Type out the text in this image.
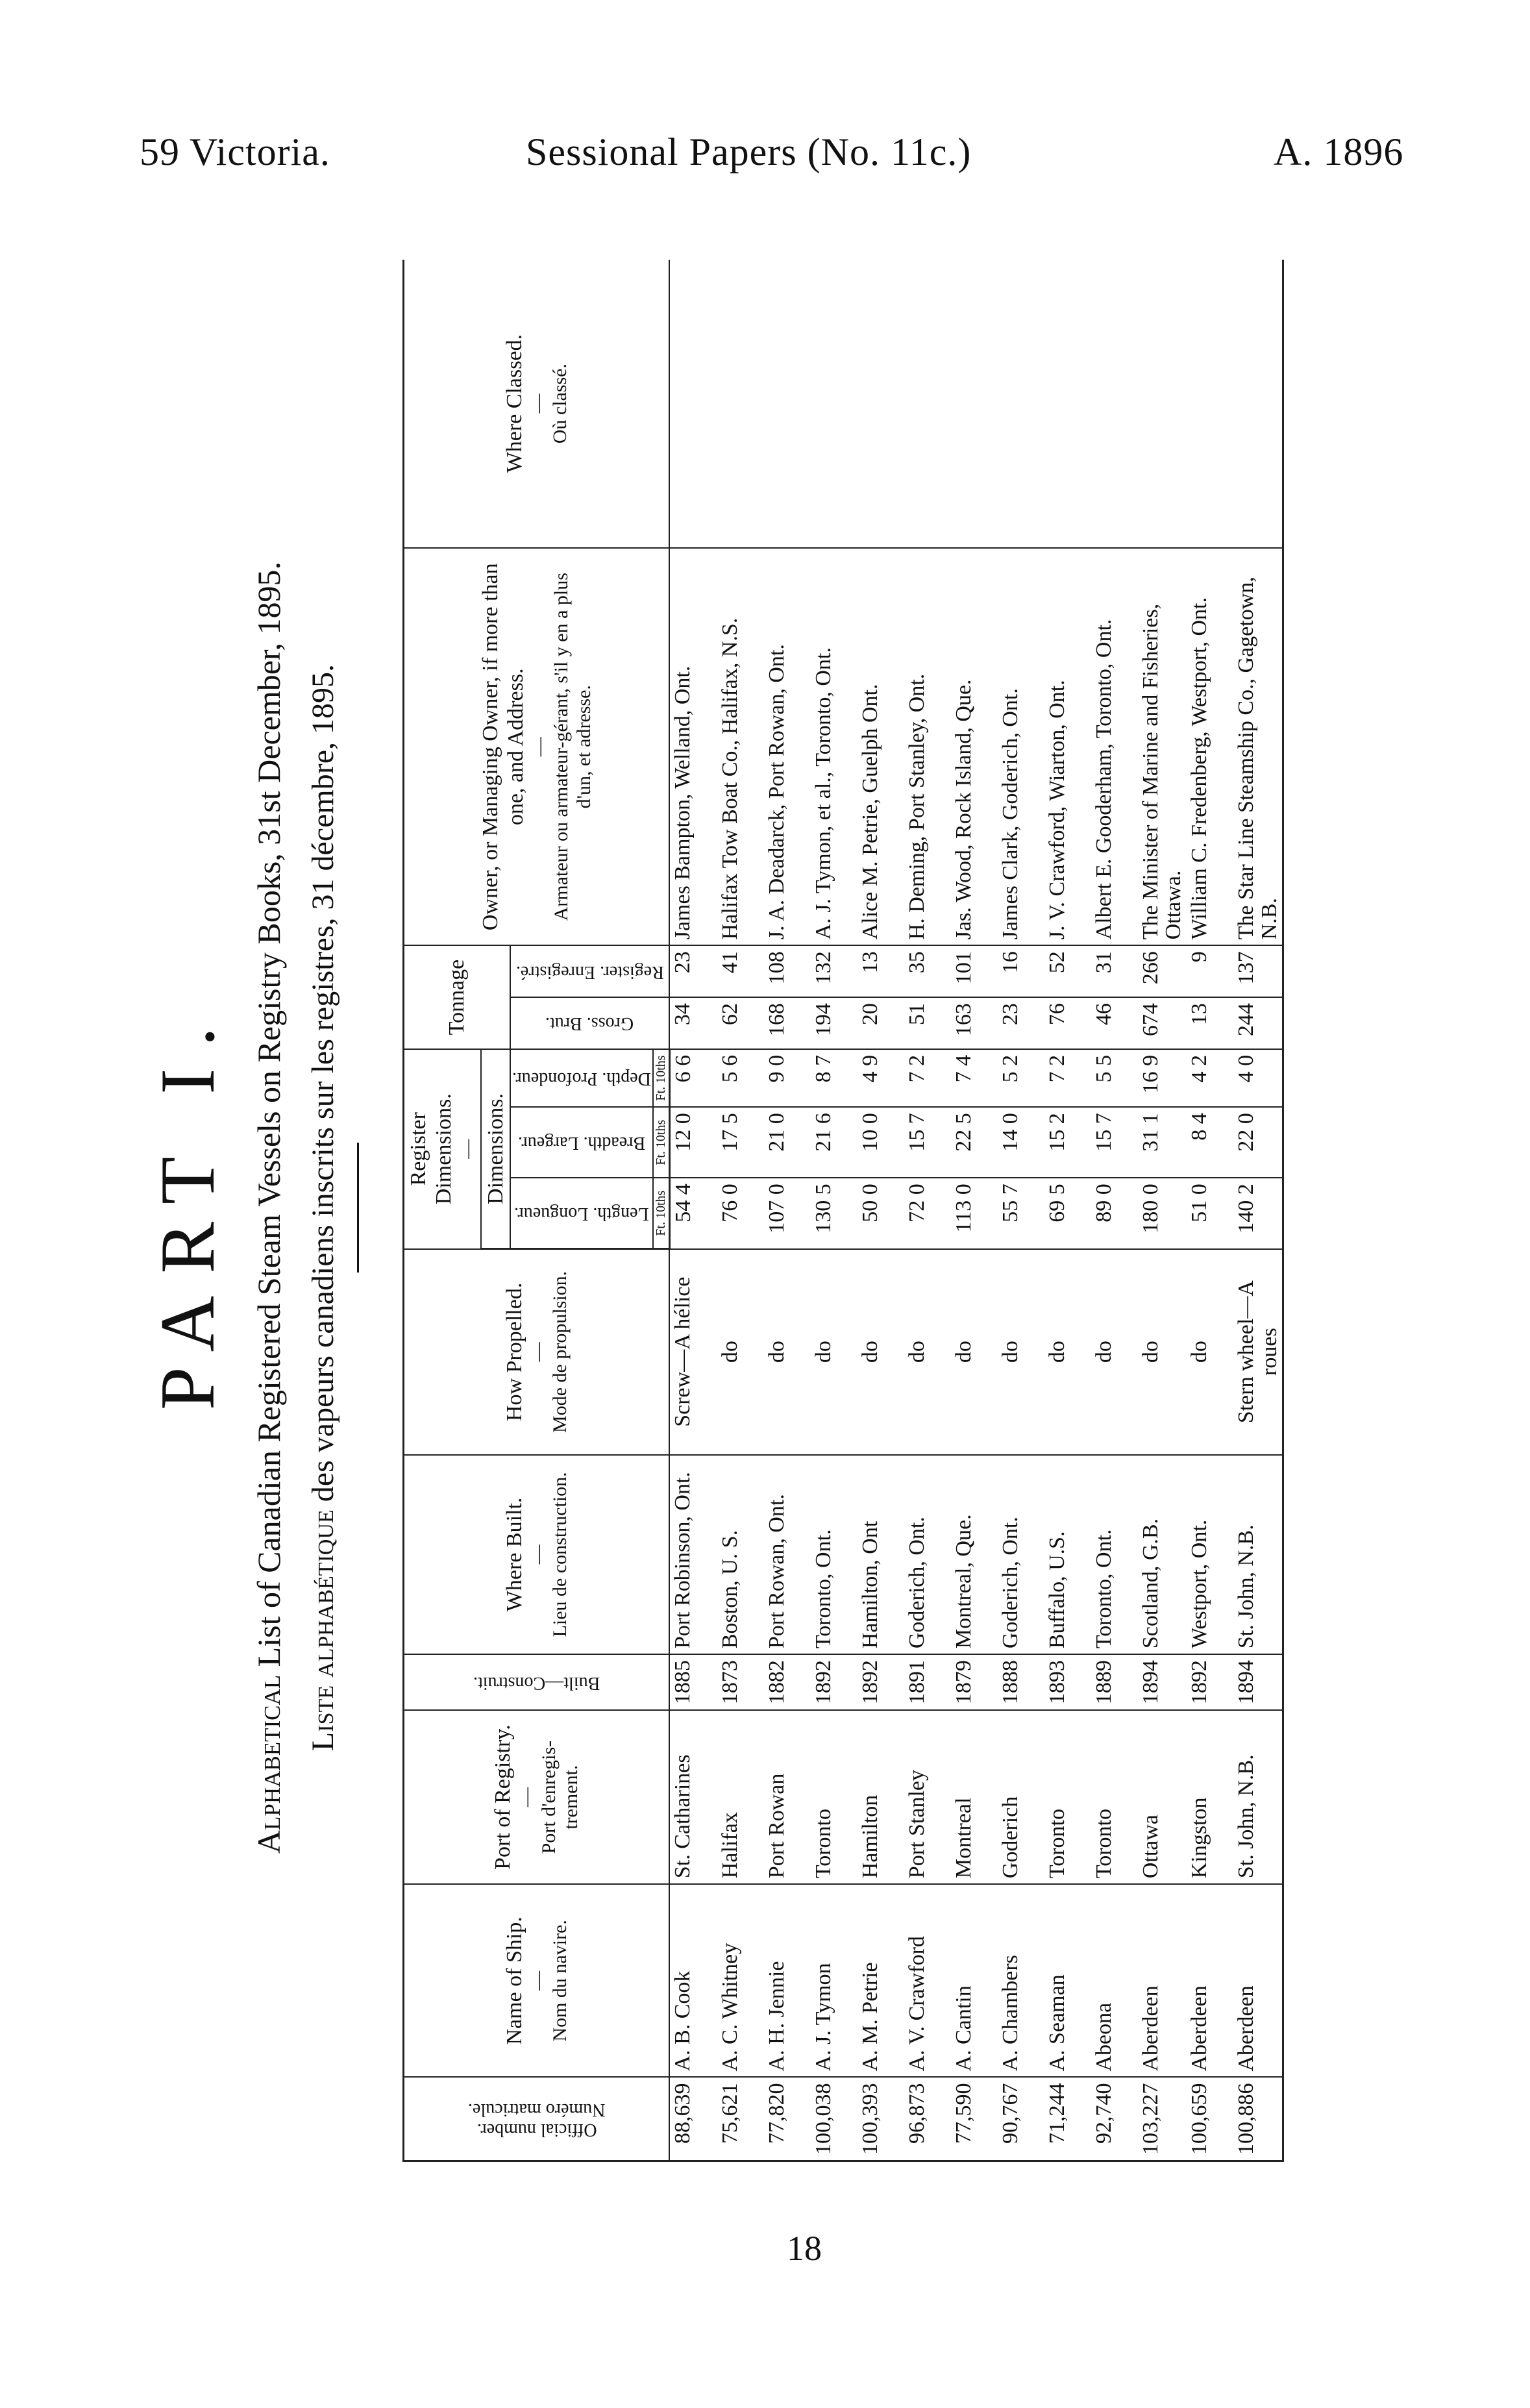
59 Victoria.	Sessional Papers (No. 11c.)	A. 1896
PART I.
Alphabetical List of Canadian Registered Steam Vessels on Registry Books, 31st December, 1895. Liste alphabétique des vapeurs canadiens inscrits sur les registres, 31 décembre, 1895.
Official number.
Numéro matricule.	Name of Ship. — Nom du navire.	Port of Registry. — Port d'enregis-trement.	Built—Construit.	Where Built. — Lieu de construction.	How Propelled. — Mode de propulsion.	Register Dimensions. —			Tonnage		Owner, or Managing Owner, if more than one, and Address. — Armateur ou armateur-gérant, s'il y en a plus d'un, et adresse.	Where Classed. — Où classé.

						Dimensions.						

						Length. Longueur.	Breadth. Largeur.	Depth. Profondeur.	Gross. Brut.	Register. Enregistré.		

						Ft. 10ths	Ft. 10ths	Ft. 10ths				
88,639	A. B. Cook	St. Catharines	1885	Port Robinson, Ont.	Screw—A hélice	54 4	12 0	6 6	34	23	James Bampton, Welland, Ont.	
75,621	A. C. Whitney	Halifax	1873	Boston, U. S.	do	76 0	17 5	5 6	62	41	Halifax Tow Boat Co., Halifax, N.S.	
77,820	A. H. Jennie	Port Rowan	1882	Port Rowan, Ont.	do	107 0	21 0	9 0	168	108	J. A. Deadarck, Port Rowan, Ont.	
100,038	A. J. Tymon	Toronto	1892	Toronto, Ont.	do	130 5	21 6	8 7	194	132	A. J. Tymon, et al., Toronto, Ont.	
100,393	A. M. Petrie	Hamilton	1892	Hamilton, Ont	do	50 0	10 0	4 9	20	13	Alice M. Petrie, Guelph Ont.	
96,873	A. V. Crawford	Port Stanley	1891	Goderich, Ont.	do	72 0	15 7	7 2	51	35	H. Deming, Port Stanley, Ont.	
77,590	A. Cantin	Montreal	1879	Montreal, Que.	do	113 0	22 5	7 4	163	101	Jas. Wood, Rock Island, Que.	
90,767	A. Chambers	Goderich	1888	Goderich, Ont.	do	55 7	14 0	5 2	23	16	James Clark, Goderich, Ont.	
71,244	A. Seaman	Toronto	1893	Buffalo, U.S.	do	69 5	15 2	7 2	76	52	J. V. Crawford, Wiarton, Ont.	
92,740	Abeona	Toronto	1889	Toronto, Ont.	do	89 0	15 7	5 5	46	31	Albert E. Gooderham, Toronto, Ont.	
103,227	Aberdeen	Ottawa	1894	Scotland, G.B.	do	180 0	31 1	16 9	674	266	The Minister of Marine and Fisheries, Ottawa.	
100,659	Aberdeen	Kingston	1892	Westport, Ont.	do	51 0	8 4	4 2	13	9	William C. Fredenberg, Westport, Ont.	
100,886	Aberdeen	St. John, N.B.	1894	St. John, N.B.	Stern wheel—A roues	140 2	22 0	4 0	244	137	The Star Line Steamship Co., Gagetown, N.B.	
18
